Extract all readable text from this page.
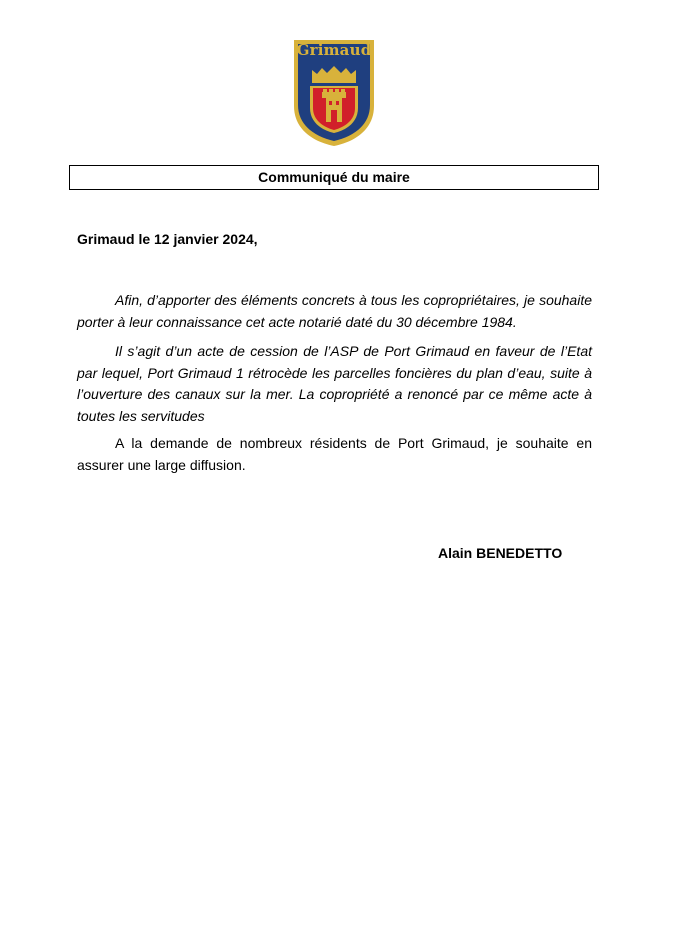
Grimaud
Communiqué du maire
Grimaud le 12 janvier 2024,

Afin, d’apporter des éléments concrets à tous les copropriétaires, je souhaite porter à leur connaissance cet acte notarié daté du 30 décembre 1984.

Il s’agit d’un acte de cession de l’ASP de Port Grimaud en faveur de l’Etat par lequel, Port Grimaud 1 rétrocède les parcelles foncières du plan d’eau, suite à l’ouverture des canaux sur la mer. La copropriété a renoncé par ce même acte à toutes les servitudes

A la demande de nombreux résidents de Port Grimaud, je souhaite en assurer une large diffusion.

Alain BENEDETTO
